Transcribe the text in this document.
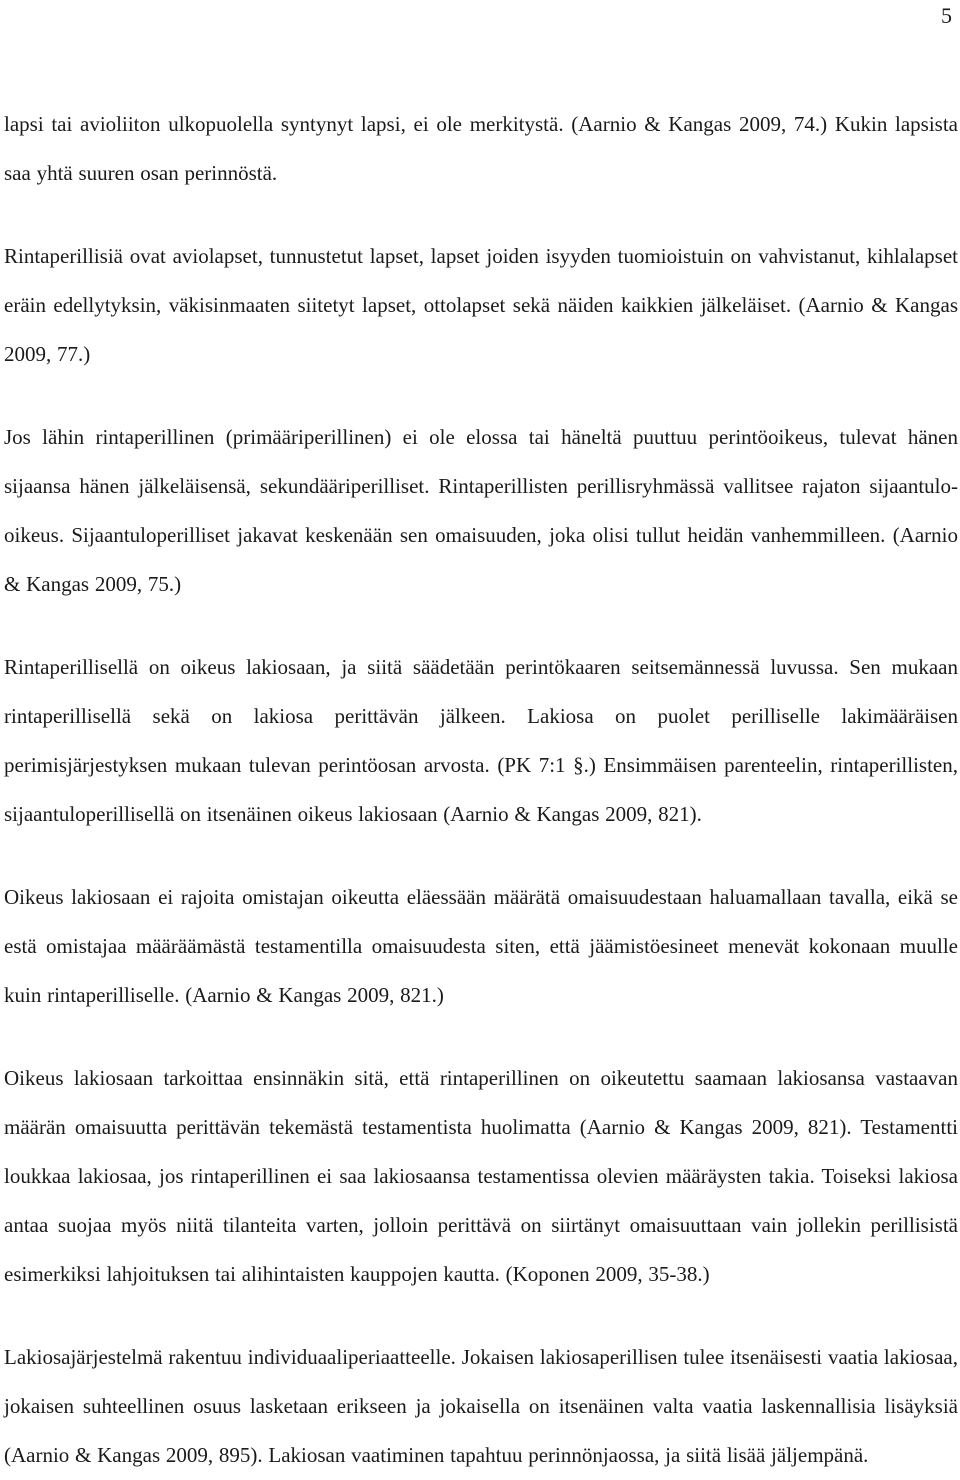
5

lapsi tai avioliiton ulkopuolella syntynyt lapsi, ei ole merkitystä. (Aarnio & Kangas 2009, 74.) Kukin lapsista saa yhtä suuren osan perinnöstä.

Rintaperillisiä ovat aviolapset, tunnustetut lapset, lapset joiden isyyden tuomioistuin on vahvistanut, kihlalapset eräin edellytyksin, väkisinmaaten siitetyt lapset, ottolapset sekä näiden kaikkien jälkeläiset. (Aarnio & Kangas 2009, 77.)

Jos lähin rintaperillinen (primääriperillinen) ei ole elossa tai häneltä puuttuu perintöoikeus, tulevat hänen sijaansa hänen jälkeläisensä, sekundääriperilliset. Rintaperillisten perillisryhmässä vallitsee rajaton sijaantulo-oikeus. Sijaantuloperilliset jakavat keskenään sen omaisuuden, joka olisi tullut heidän vanhemmilleen. (Aarnio & Kangas 2009, 75.)

Rintaperillisellä on oikeus lakiosaan, ja siitä säädetään perintökaaren seitsemännessä luvussa. Sen mukaan rintaperillisellä sekä on lakiosa perittävän jälkeen. Lakiosa on puolet perilliselle lakimääräisen perimisjärjestyksen mukaan tulevan perintöosan arvosta. (PK 7:1 §.) Ensimmäisen parenteelin, rintaperillisten, sijaantuloperillisellä on itsenäinen oikeus lakiosaan (Aarnio & Kangas 2009, 821).

Oikeus lakiosaan ei rajoita omistajan oikeutta eläessään määrätä omaisuudestaan haluamallaan tavalla, eikä se estä omistajaa määräämästä testamentilla omaisuudesta siten, että jäämistöesineet menevät kokonaan muulle kuin rintaperilliselle. (Aarnio & Kangas 2009, 821.)

Oikeus lakiosaan tarkoittaa ensinnäkin sitä, että rintaperillinen on oikeutettu saamaan lakiosansa vastaavan määrän omaisuutta perittävän tekemästä testamentista huolimatta (Aarnio & Kangas 2009, 821). Testamentti loukkaa lakiosaa, jos rintaperillinen ei saa lakiosaansa testamentissa olevien määräysten takia. Toiseksi lakiosa antaa suojaa myös niitä tilanteita varten, jolloin perittävä on siirtänyt omaisuuttaan vain jollekin perillisistä esimerkiksi lahjoituksen tai alihintaisten kauppojen kautta. (Koponen 2009, 35-38.)

Lakiosajärjestelmä rakentuu individuaaliperiaatteelle. Jokaisen lakiosaperillisen tulee itsenäisesti vaatia lakiosaa, jokaisen suhteellinen osuus lasketaan erikseen ja jokaisella on itsenäinen valta vaatia laskennallisia lisäyksiä (Aarnio & Kangas 2009, 895). Lakiosan vaatiminen tapahtuu perinnönjaossa, ja siitä lisää jäljempänä.
